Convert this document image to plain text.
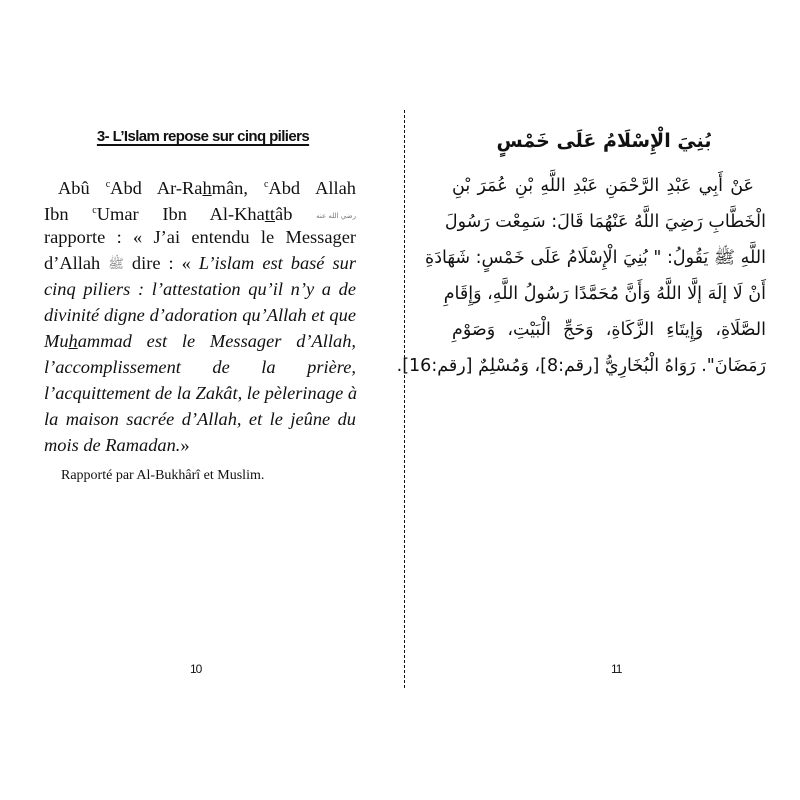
3- L’Islam repose sur cinq piliers
Abû $^c$Abd Ar-Rahmân, $^c$Abd Allah
Ibn $^c$Umar Ibn Al-Khattâb	رضي الله عنه
rapporte : « J’ai entendu le Messager
d’Allah ﷺ dire : « L’islam est basé sur
cinq piliers : l’attestation qu’il n’y a de
divinité digne d’adoration qu’Allah et que
Muhammad est le Messager d’Allah,
l’accomplissement de la prière,
l’acquittement de la Zakât, le pèlerinage à
la maison sacrée d’Allah, et le jeûne du
mois de Ramadan.»
Rapporté par Al-Bukhârî et Muslim.
10	11
بُنِيَ الْإِسْلَامُ عَلَى خَمْسٍ
عَنْ أَبِي عَبْدِ الرَّحْمَنِ عَبْدِ اللَّهِ بْنِ عُمَرَ بْنِ
الْخَطَّابِ رَضِيَ اللَّهُ عَنْهُمَا قَالَ: سَمِعْت رَسُولَ
اللَّهِ ﷺ يَقُولُ: " بُنِيَ الْإِسْلَامُ عَلَى خَمْسٍ: شَهَادَةِ
أَنْ لَا إلَهَ إلَّا اللَّهُ وَأَنَّ مُحَمَّدًا رَسُولُ اللَّهِ، وَإِقَامِ
الصَّلَاةِ، وَإِيتَاءِ الزَّكَاةِ، وَحَجِّ الْبَيْتِ، وَصَوْمِ
رَمَضَانَ". رَوَاهُ الْبُخَارِيُّ [رقم:8]، وَمُسْلِمٌ [رقم:16].
